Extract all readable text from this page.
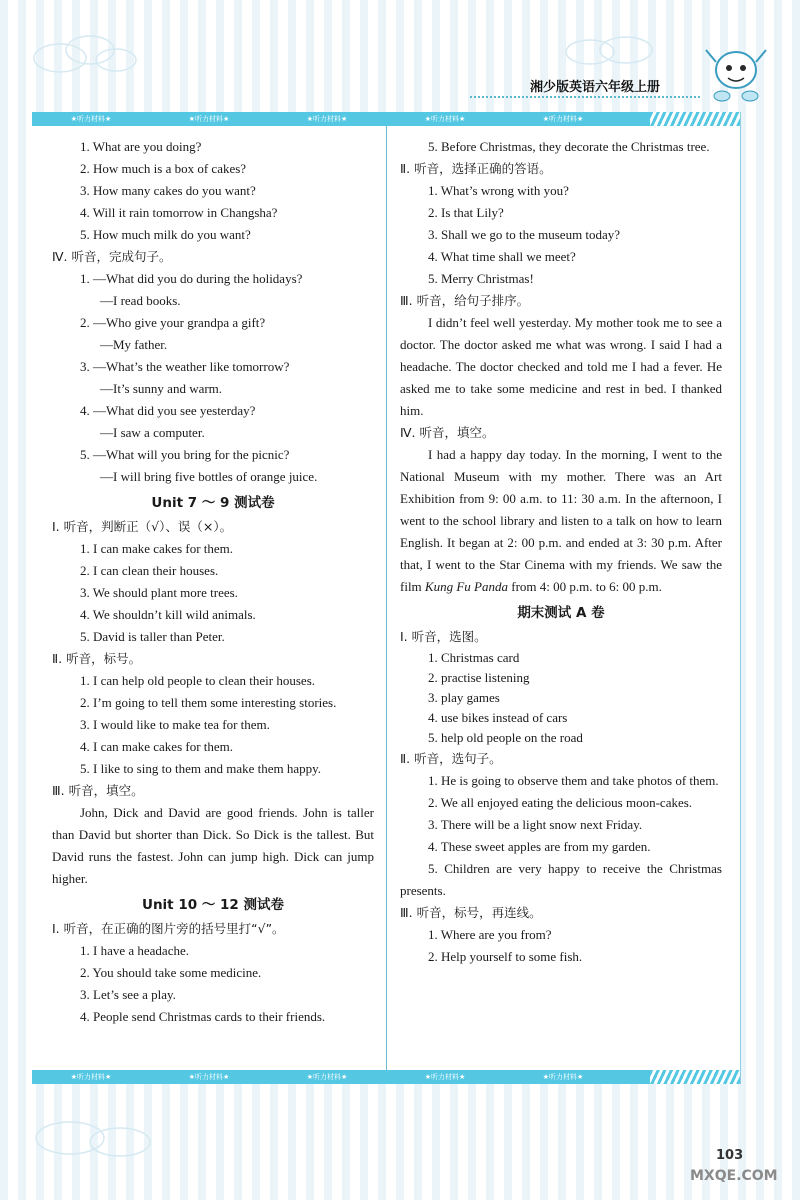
湘少版英语六年级上册
★听力材料★	★听力材料★	★听力材料★	★听力材料★	★听力材料★
1. What are you doing?
2. How much is a box of cakes?
3. How many cakes do you want?
4. Will it rain tomorrow in Changsha?
5. How much milk do you want?
Ⅳ. 听音，完成句子。
1. —What did you do during the holidays?
—I read books.
2. —Who give your grandpa a gift?
—My father.
3. —What’s the weather like tomorrow?
—It’s sunny and warm.
4. —What did you see yesterday?
—I saw a computer.
5. —What will you bring for the picnic?
—I will bring five bottles of orange juice.
Unit 7 ～ 9 测试卷
Ⅰ. 听音，判断正（√）、误（×）。
1. I can make cakes for them.
2. I can clean their houses.
3. We should plant more trees.
4. We shouldn’t kill wild animals.
5. David is taller than Peter.
Ⅱ. 听音，标号。
1. I can help old people to clean their houses.
2. I’m going to tell them some interesting stories.
3. I would like to make tea for them.
4. I can make cakes for them.
5. I like to sing to them and make them happy.
Ⅲ. 听音，填空。
John, Dick and David are good friends. John is taller than David but shorter than Dick. So Dick is the tallest. But David runs the fastest. John can jump high. Dick can jump higher.
Unit 10 ～ 12 测试卷
Ⅰ. 听音，在正确的图片旁的括号里打“√”。
1. I have a headache.
2. You should take some medicine.
3. Let’s see a play.
4. People send Christmas cards to their friends.
5. Before Christmas, they decorate the Christmas tree.
Ⅱ. 听音，选择正确的答语。
1. What’s wrong with you?
2. Is that Lily?
3. Shall we go to the museum today?
4. What time shall we meet?
5. Merry Christmas!
Ⅲ. 听音，给句子排序。
I didn’t feel well yesterday. My mother took me to see a doctor. The doctor asked me what was wrong. I said I had a headache. The doctor checked and told me I had a fever. He asked me to take some medicine and rest in bed. I thanked him.
Ⅳ. 听音，填空。
I had a happy day today. In the morning, I went to the National Museum with my mother. There was an Art Exhibition from 9: 00 a.m. to 11: 30 a.m. In the afternoon, I went to the school library and listen to a talk on how to learn English. It began at 2: 00 p.m. and ended at 3: 30 p.m. After that, I went to the Star Cinema with my friends. We saw the film Kung Fu Panda from 4: 00 p.m. to 6: 00 p.m.
期末测试 A 卷
Ⅰ. 听音，选图。
1. Christmas card
2. practise listening
3. play games
4. use bikes instead of cars
5. help old people on the road
Ⅱ. 听音，选句子。
1. He is going to observe them and take photos of them.
2. We all enjoyed eating the delicious moon-cakes.
3. There will be a light snow next Friday.
4. These sweet apples are from my garden.
5. Children are very happy to receive the Christmas presents.
Ⅲ. 听音，标号，再连线。
1. Where are you from?
2. Help yourself to some fish.
★听力材料★	★听力材料★	★听力材料★	★听力材料★	★听力材料★
103
MXQE.COM
